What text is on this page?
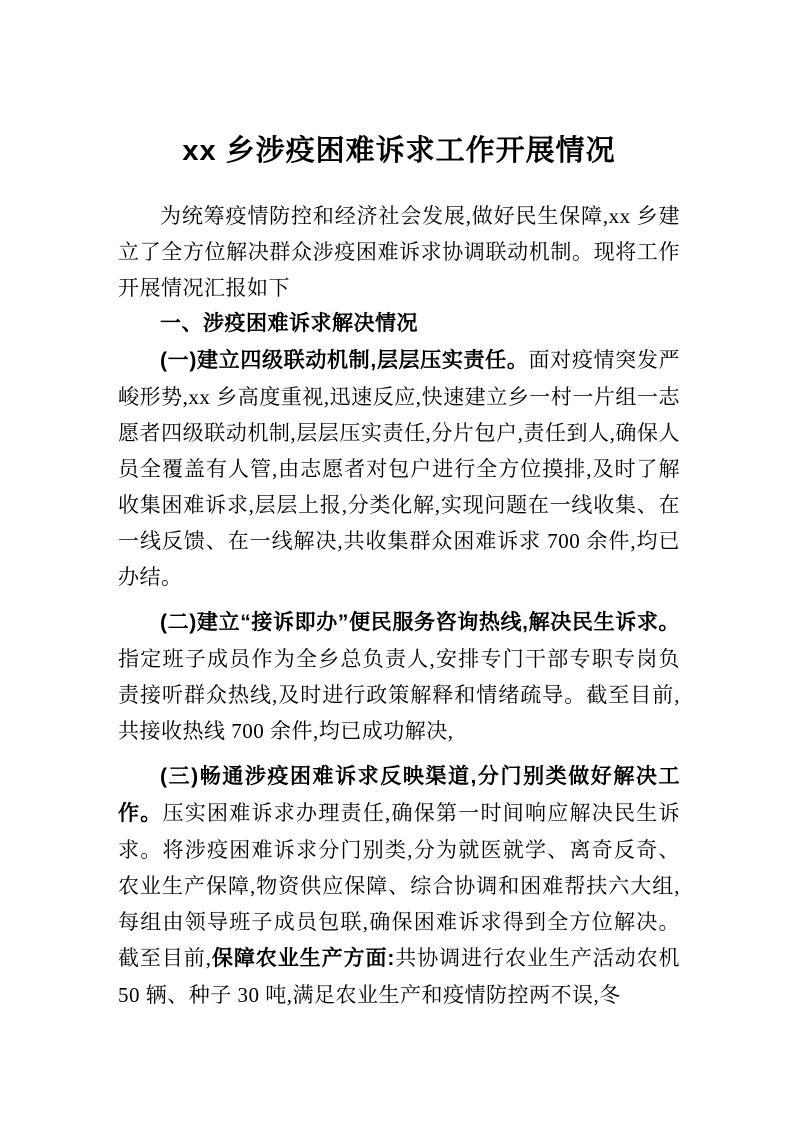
xx 乡涉疫困难诉求工作开展情况

为统筹疫情防控和经济社会发展,做好民生保障,xx 乡建立了全方位解决群众涉疫困难诉求协调联动机制。现将工作开展情况汇报如下

一、涉疫困难诉求解决情况

(一)建立四级联动机制,层层压实责任。面对疫情突发严峻形势,xx 乡高度重视,迅速反应,快速建立乡一村一片组一志愿者四级联动机制,层层压实责任,分片包户,责任到人,确保人员全覆盖有人管,由志愿者对包户进行全方位摸排,及时了解收集困难诉求,层层上报,分类化解,实现问题在一线收集、在一线反馈、在一线解决,共收集群众困难诉求 700 余件,均已办结。

(二)建立“接诉即办”便民服务咨询热线,解决民生诉求。指定班子成员作为全乡总负责人,安排专门干部专职专岗负责接听群众热线,及时进行政策解释和情绪疏导。截至目前,共接收热线 700 余件,均已成功解决,

(三)畅通涉疫困难诉求反映渠道,分门别类做好解决工作。压实困难诉求办理责任,确保第一时间响应解决民生诉求。将涉疫困难诉求分门别类,分为就医就学、离奇反奇、农业生产保障,物资供应保障、综合协调和困难帮扶六大组,每组由领导班子成员包联,确保困难诉求得到全方位解决。截至目前,保障农业生产方面:共协调进行农业生产活动农机 50 辆、种子 30 吨,满足农业生产和疫情防控两不误,冬
